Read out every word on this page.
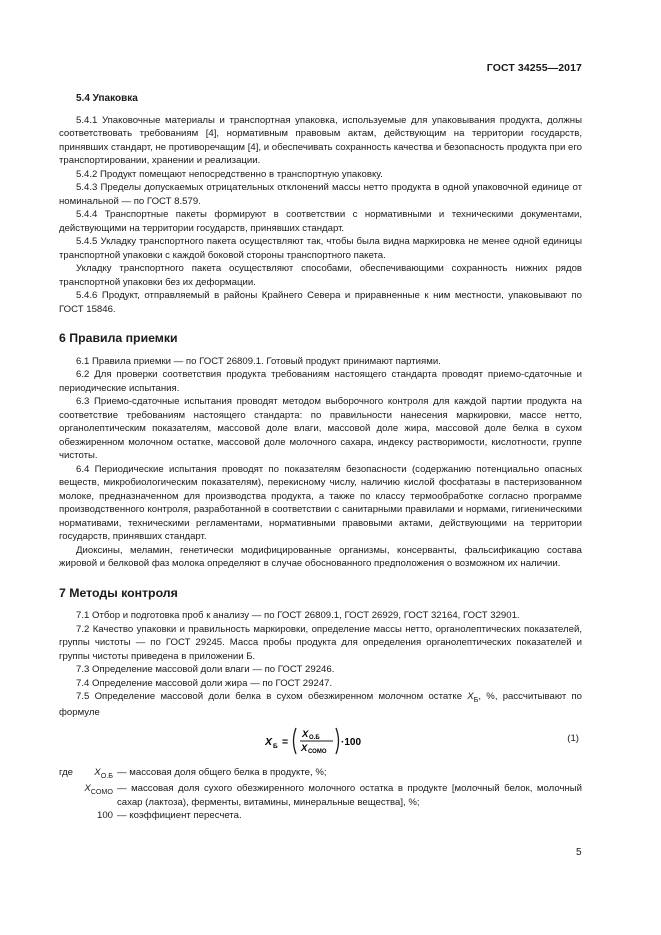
ГОСТ 34255—2017
5.4 Упаковка

5.4.1 Упаковочные материалы и транспортная упаковка, используемые для упаковывания продукта, должны соответствовать требованиям [4], нормативным правовым актам, действующим на территории государств, принявших стандарт, не противоречащим [4], и обеспечивать сохранность качества и безопасность продукта при его транспортировании, хранении и реализации.

5.4.2 Продукт помещают непосредственно в транспортную упаковку.

5.4.3 Пределы допускаемых отрицательных отклонений массы нетто продукта в одной упаковочной единице от номинальной — по ГОСТ 8.579.

5.4.4 Транспортные пакеты формируют в соответствии с нормативными и техническими документами, действующими на территории государств, принявших стандарт.

5.4.5 Укладку транспортного пакета осуществляют так, чтобы была видна маркировка не менее одной единицы транспортной упаковки с каждой боковой стороны транспортного пакета.

Укладку транспортного пакета осуществляют способами, обеспечивающими сохранность нижних рядов транспортной упаковки без их деформации.

5.4.6 Продукт, отправляемый в районы Крайнего Севера и приравненные к ним местности, упаковывают по ГОСТ 15846.

6 Правила приемки

6.1 Правила приемки — по ГОСТ 26809.1. Готовый продукт принимают партиями.

6.2 Для проверки соответствия продукта требованиям настоящего стандарта проводят приемо-сдаточные и периодические испытания.

6.3 Приемо-сдаточные испытания проводят методом выборочного контроля для каждой партии продукта на соответствие требованиям настоящего стандарта: по правильности нанесения маркировки, массе нетто, органолептическим показателям, массовой доле влаги, массовой доле жира, массовой доле белка в сухом обезжиренном молочном остатке, массовой доле молочного сахара, индексу растворимости, кислотности, группе чистоты.

6.4 Периодические испытания проводят по показателям безопасности (содержанию потенциально опасных веществ, микробиологическим показателям), перекисному числу, наличию кислой фосфатазы в пастеризованном молоке, предназначенном для производства продукта, а также по классу термообработке согласно программе производственного контроля, разработанной в соответствии с санитарными правилами и нормами, гигиеническими нормативами, техническими регламентами, нормативными правовыми актами, действующими на территории государств, принявших стандарт.

Диоксины, меламин, генетически модифицированные организмы, консерванты, фальсификацию состава жировой и белковой фаз молока определяют в случае обоснованного предположения о возможном их наличии.

7 Методы контроля

7.1 Отбор и подготовка проб к анализу — по ГОСТ 26809.1, ГОСТ 26929, ГОСТ 32164, ГОСТ 32901.

7.2 Качество упаковки и правильность маркировки, определение массы нетто, органолептических показателей, группы чистоты — по ГОСТ 29245. Масса пробы продукта для определения органолептических показателей и группы чистоты приведена в приложении Б.

7.3 Определение массовой доли влаги — по ГОСТ 29246.

7.4 Определение массовой доли жира — по ГОСТ 29247.

7.5 Определение массовой доли белка в сухом обезжиренном молочном остатке $X_Б$, %, рассчитывают по формуле

X Б =
X О.Б
X СОМО
·100	(1)
где $X_{О.Б}$ — массовая доля общего белка в продукте, %;
$X_{СОМО}$ — массовая доля сухого обезжиренного молочного остатка в продукте [молочный белок, молочный сахар (лактоза), ферменты, витамины, минеральные вещества], %;
100 — коэффициент пересчета.
5
